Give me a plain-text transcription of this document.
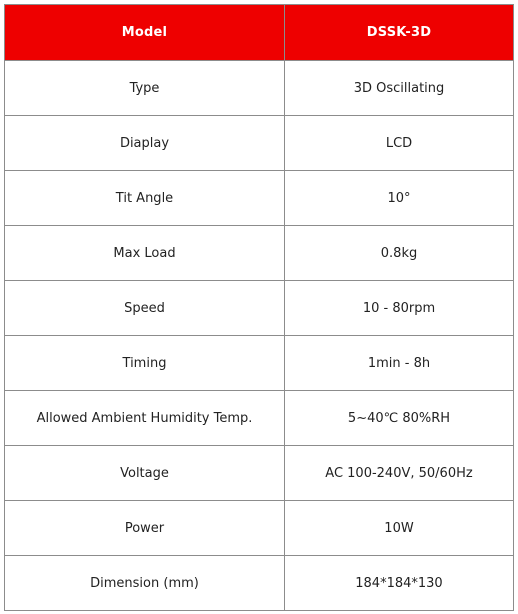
Model	DSSK-3D
Type	3D Oscillating
Diaplay	LCD
Tit Angle	10°
Max Load	0.8kg
Speed	10 - 80rpm
Timing	1min - 8h
Allowed Ambient Humidity Temp.	5~40℃ 80%RH
Voltage	AC 100-240V, 50/60Hz
Power	10W
Dimension (mm)	184*184*130
